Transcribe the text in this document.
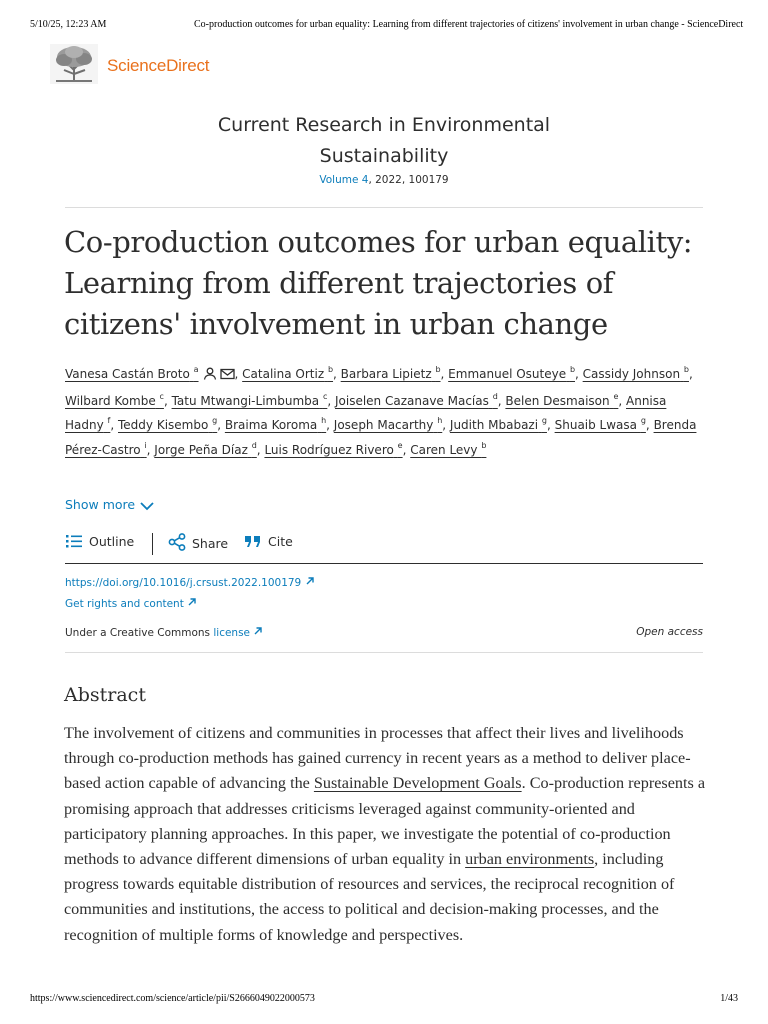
5/10/25, 12:23 AM	Co-production outcomes for urban equality: Learning from different trajectories of citizens' involvement in urban change - ScienceDirect
ScienceDirect
Current Research in Environmental
Sustainability
Volume 4, 2022, 100179
Co-production outcomes for urban equality: Learning from different trajectories of citizens' involvement in urban change
Vanesa Castán Broto $^a$	, Catalina Ortiz $^b$, Barbara Lipietz $^b$, Emmanuel Osuteye $^b$, Cassidy Johnson $^b$, Wilbard Kombe $^c$, Tatu Mtwangi-Limbumba $^c$, Joiselen Cazanave Macías $^d$, Belen Desmaison $^e$, Annisa Hadny $^f$, Teddy Kisembo $^g$, Braima Koroma $^h$, Joseph Macarthy $^h$, Judith Mbabazi $^g$, Shuaib Lwasa $^g$, Brenda Pérez-Castro $^i$, Jorge Peña Díaz $^d$, Luis Rodríguez Rivero $^e$, Caren Levy $^b$
Show more
Outline	Share	Cite
https://doi.org/10.1016/j.crsust.2022.100179
Get rights and content
Under a Creative Commons license	Open access
Abstract

The involvement of citizens and communities in processes that affect their lives and livelihoods through co-production methods has gained currency in recent years as a method to deliver place-based action capable of advancing the Sustainable Development Goals. Co-production represents a promising approach that addresses criticisms leveraged against community-oriented and participatory planning approaches. In this paper, we investigate the potential of co-production methods to advance different dimensions of urban equality in urban environments, including progress towards equitable distribution of resources and services, the reciprocal recognition of communities and institutions, the access to political and decision-making processes, and the recognition of multiple forms of knowledge and perspectives.

https://www.sciencedirect.com/science/article/pii/S2666049022000573	1/43
